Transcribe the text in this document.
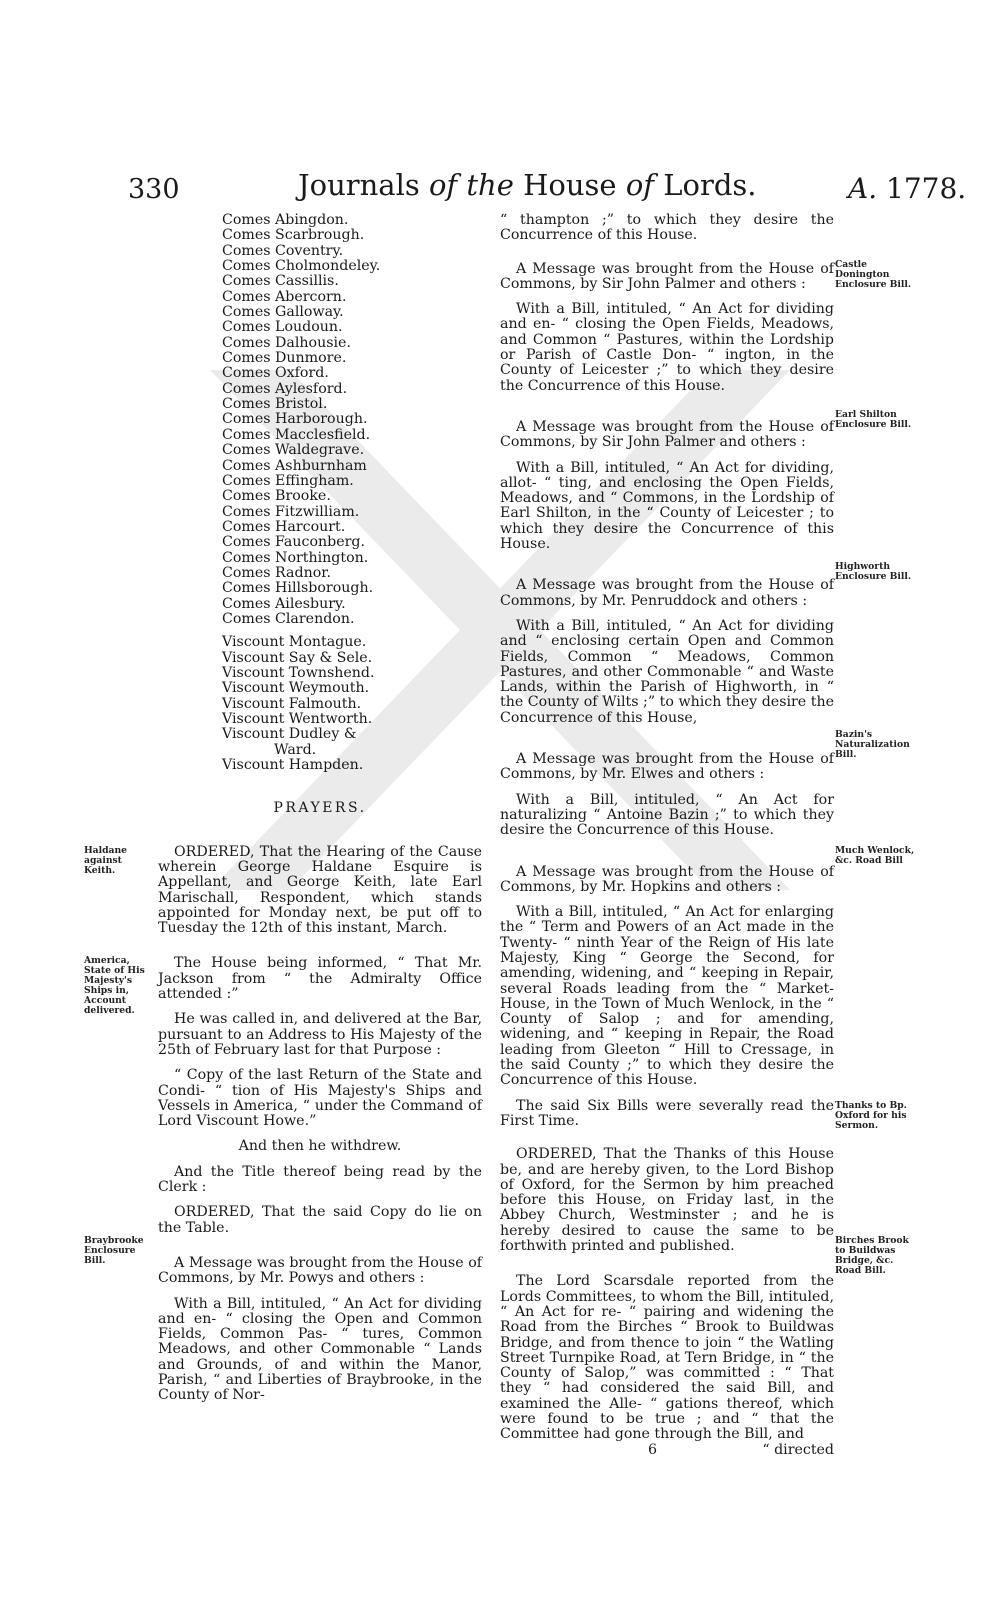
330	Journals of the House of Lords.	A. 1778.
Comes Abingdon.
Comes Scarbrough.
Comes Coventry.
Comes Cholmondeley.
Comes Cassillis.
Comes Abercorn.
Comes Galloway.
Comes Loudoun.
Comes Dalhousie.
Comes Dunmore.
Comes Oxford.
Comes Aylesford.
Comes Bristol.
Comes Harborough.
Comes Macclesfield.
Comes Waldegrave.
Comes Ashburnham
Comes Effingham.
Comes Brooke.
Comes Fitzwilliam.
Comes Harcourt.
Comes Fauconberg.
Comes Northington.
Comes Radnor.
Comes Hillsborough.
Comes Ailesbury.
Comes Clarendon.
Viscount Montague.
Viscount Say & Sele.
Viscount Townshend.
Viscount Weymouth.
Viscount Falmouth.
Viscount Wentworth.
Viscount Dudley &
Ward.
Viscount Hampden.

PRAYERS.

ORDERED, That the Hearing of the Cause wherein George Haldane Esquire is Appellant, and George Keith, late Earl Marischall, Respondent, which stands appointed for Monday next, be put off to Tuesday the 12th of this instant, March.

The House being informed, “ That Mr. Jackson from “ the Admiralty Office attended :”

He was called in, and delivered at the Bar, pursuant to an Address to His Majesty of the 25th of February last for that Purpose :

“ Copy of the last Return of the State and Condi- “ tion of His Majesty's Ships and Vessels in America, “ under the Command of Lord Viscount Howe.”

And then he withdrew.

And the Title thereof being read by the Clerk :

ORDERED, That the said Copy do lie on the Table.

A Message was brought from the House of Commons, by Mr. Powys and others :

With a Bill, intituled, “ An Act for dividing and en- “ closing the Open and Common Fields, Common Pas- “ tures, Common Meadows, and other Commonable “ Lands and Grounds, of and within the Manor, Parish, “ and Liberties of Braybrooke, in the County of Nor-

“ thampton ;” to which they desire the Concurrence of this House.

A Message was brought from the House of Commons, by Sir John Palmer and others :

With a Bill, intituled, “ An Act for dividing and en- “ closing the Open Fields, Meadows, and Common “ Pastures, within the Lordship or Parish of Castle Don- “ ington, in the County of Leicester ;” to which they desire the Concurrence of this House.

A Message was brought from the House of Commons, by Sir John Palmer and others :

With a Bill, intituled, “ An Act for dividing, allot- “ ting, and enclosing the Open Fields, Meadows, and “ Commons, in the Lordship of Earl Shilton, in the “ County of Leicester ; to which they desire the Concurrence of this House.

A Message was brought from the House of Commons, by Mr. Penruddock and others :

With a Bill, intituled, “ An Act for dividing and “ enclosing certain Open and Common Fields, Common “ Meadows, Common Pastures, and other Commonable “ and Waste Lands, within the Parish of Highworth, in “ the County of Wilts ;” to which they desire the Concurrence of this House,

A Message was brought from the House of Commons, by Mr. Elwes and others :

With a Bill, intituled, “ An Act for naturalizing “ Antoine Bazin ;” to which they desire the Concurrence of this House.

A Message was brought from the House of Commons, by Mr. Hopkins and others :

With a Bill, intituled, “ An Act for enlarging the “ Term and Powers of an Act made in the Twenty- “ ninth Year of the Reign of His late Majesty, King “ George the Second, for amending, widening, and “ keeping in Repair, several Roads leading from the “ Market-House, in the Town of Much Wenlock, in the “ County of Salop ; and for amending, widening, and “ keeping in Repair, the Road leading from Gleeton “ Hill to Cressage, in the said County ;” to which they desire the Concurrence of this House.

The said Six Bills were severally read the First Time.

ORDERED, That the Thanks of this House be, and are hereby given, to the Lord Bishop of Oxford, for the Sermon by him preached before this House, on Friday last, in the Abbey Church, Westminster ; and he is hereby desired to cause the same to be forthwith printed and published.

The Lord Scarsdale reported from the Lords Committees, to whom the Bill, intituled, “ An Act for re- “ pairing and widening the Road from the Birches “ Brook to Buildwas Bridge, and from thence to join “ the Watling Street Turnpike Road, at Tern Bridge, in “ the County of Salop,” was committed : “ That they “ had considered the said Bill, and examined the Alle- “ gations thereof, which were found to be true ; and “ that the Committee had gone through the Bill, and

6	“ directed
Haldane against Keith.
America, State of His Majesty's Ships in, Account delivered.
Braybrooke Enclosure Bill.
Castle Donington Enclosure Bill.
Earl Shilton Enclosure Bill.
Highworth Enclosure Bill.
Bazin's Naturalization Bill.
Much Wenlock, &c. Road Bill
Thanks to Bp. Oxford for his Sermon.
Birches Brook to Buildwas Bridge, &c. Road Bill.
